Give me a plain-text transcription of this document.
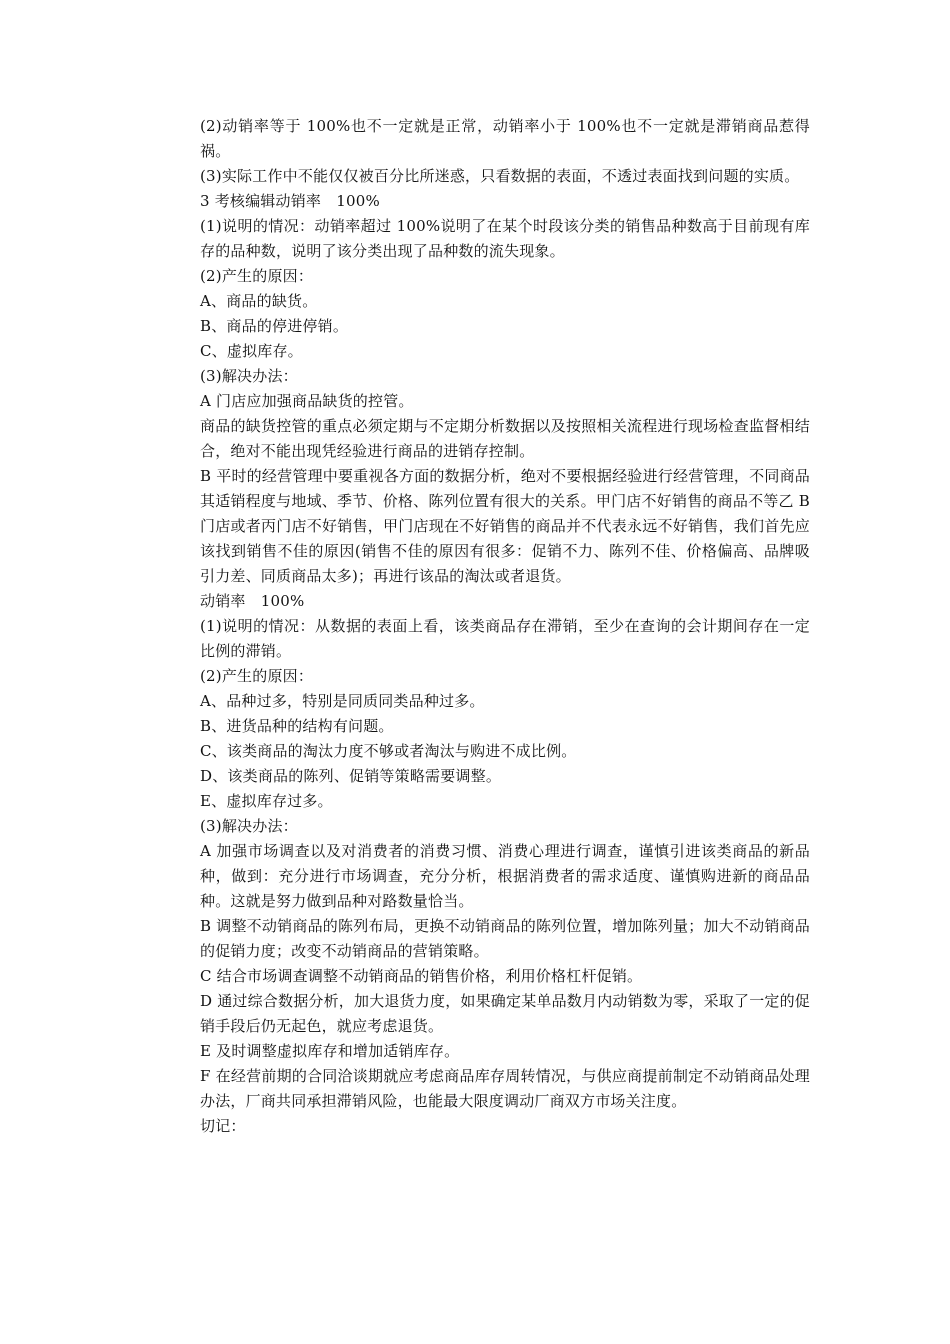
(2)动销率等于 100%也不一定就是正常，动销率小于 100%也不一定就是滞销商品惹得祸。

(3)实际工作中不能仅仅被百分比所迷惑，只看数据的表面，不透过表面找到问题的实质。

3 考核编辑动销率　100%

(1)说明的情况：动销率超过 100%说明了在某个时段该分类的销售品种数高于目前现有库存的品种数，说明了该分类出现了品种数的流失现象。

(2)产生的原因：

A、商品的缺货。

B、商品的停进停销。

C、虚拟库存。

(3)解决办法：

A 门店应加强商品缺货的控管。

商品的缺货控管的重点必须定期与不定期分析数据以及按照相关流程进行现场检查监督相结合，绝对不能出现凭经验进行商品的进销存控制。

B 平时的经营管理中要重视各方面的数据分析，绝对不要根据经验进行经营管理，不同商品其适销程度与地域、季节、价格、陈列位置有很大的关系。甲门店不好销售的商品不等乙 B 门店或者丙门店不好销售，甲门店现在不好销售的商品并不代表永远不好销售，我们首先应该找到销售不佳的原因(销售不佳的原因有很多：促销不力、陈列不佳、价格偏高、品牌吸引力差、同质商品太多)；再进行该品的淘汰或者退货。

动销率　100%

(1)说明的情况：从数据的表面上看，该类商品存在滞销，至少在查询的会计期间存在一定比例的滞销。

(2)产生的原因：

A、品种过多，特别是同质同类品种过多。

B、进货品种的结构有问题。

C、该类商品的淘汰力度不够或者淘汰与购进不成比例。

D、该类商品的陈列、促销等策略需要调整。

E、虚拟库存过多。

(3)解决办法：

A 加强市场调查以及对消费者的消费习惯、消费心理进行调查，谨慎引进该类商品的新品种，做到：充分进行市场调查，充分分析，根据消费者的需求适度、谨慎购进新的商品品种。这就是努力做到品种对路数量恰当。

B 调整不动销商品的陈列布局，更换不动销商品的陈列位置，增加陈列量；加大不动销商品的促销力度；改变不动销商品的营销策略。

C 结合市场调查调整不动销商品的销售价格，利用价格杠杆促销。

D 通过综合数据分析，加大退货力度，如果确定某单品数月内动销数为零，采取了一定的促销手段后仍无起色，就应考虑退货。

E 及时调整虚拟库存和增加适销库存。

F 在经营前期的合同洽谈期就应考虑商品库存周转情况，与供应商提前制定不动销商品处理办法，厂商共同承担滞销风险，也能最大限度调动厂商双方市场关注度。

切记：
